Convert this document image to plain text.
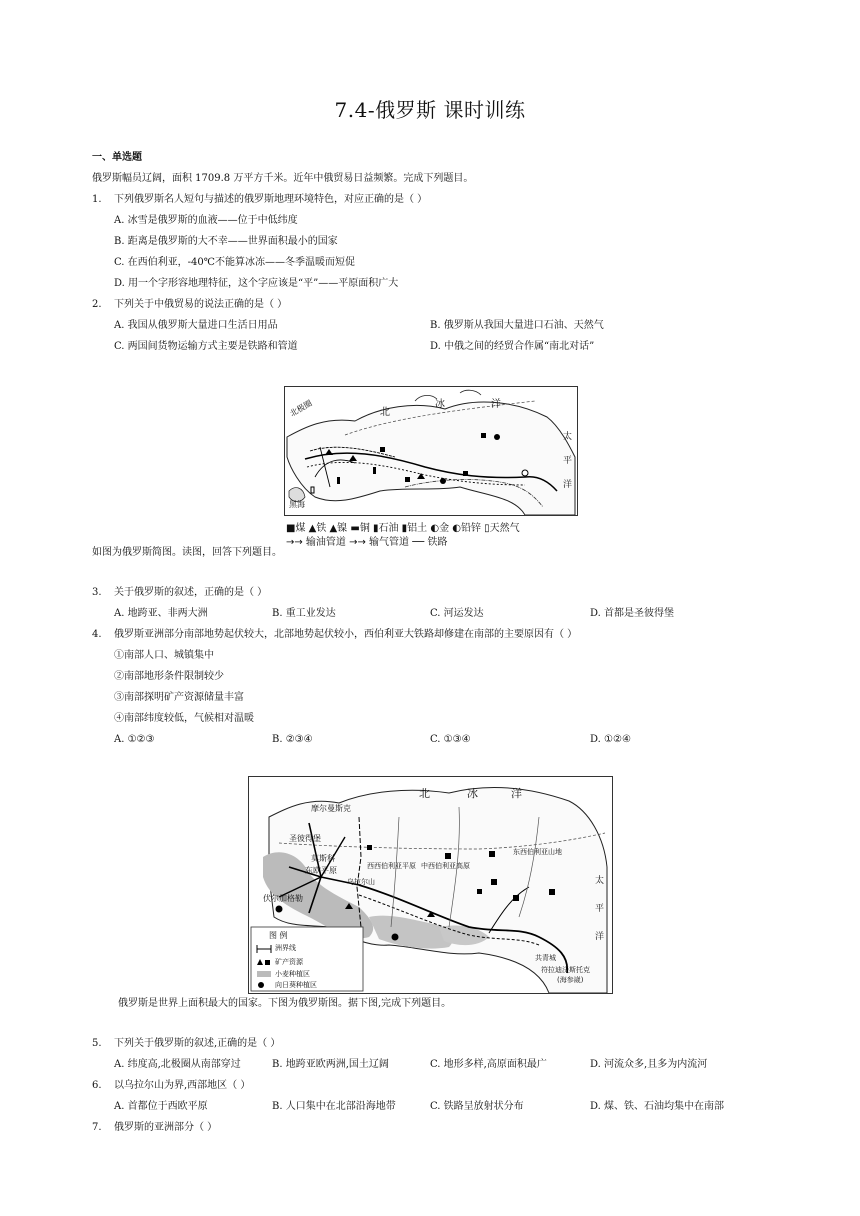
7.4-俄罗斯 课时训练
一、单选题
俄罗斯幅员辽阔，面积 1709.8 万平方千米。近年中俄贸易日益频繁。完成下列题目。
1. 下列俄罗斯名人短句与描述的俄罗斯地理环境特色，对应正确的是（ ）
A. 冰雪是俄罗斯的血液——位于中低纬度
B. 距离是俄罗斯的大不幸——世界面积最小的国家
C. 在西伯利亚，-40℃不能算冰冻——冬季温暖而短促
D. 用一个字形容地理特征，这个字应该是“平”——平原面积广大
2. 下列关于中俄贸易的说法正确的是（ ）
A. 我国从俄罗斯大量进口生活日用品	B. 俄罗斯从我国大量进口石油、天然气
C. 两国间货物运输方式主要是铁路和管道	D. 中俄之间的经贸合作属“南北对话”
北
冰	洋
北极圈
太
平
洋
黑海
■煤 ▲铁 ▲镍 ▬铜 ▮石油 ▮铝土 ◐金 ◐铅锌 ▯天然气
→→ 输油管道 →→ 输气管道 ── 铁路
如图为俄罗斯简图。读图，回答下列题目。
3. 关于俄罗斯的叙述，正确的是（ ）
A. 地跨亚、非两大洲	B. 重工业发达	C. 河运发达	D. 首都是圣彼得堡
4. 俄罗斯亚洲部分南部地势起伏较大，北部地势起伏较小，西伯利亚大铁路却修建在南部的主要原因有（ ）
①南部人口、城镇集中
②南部地形条件限制较少
③南部探明矿产资源储量丰富
④南部纬度较低，气候相对温暖
A. ①②③	B. ②③④	C. ①③④	D. ①②④
北	冰	洋
摩尔曼斯克
圣彼得堡
莫斯科
东欧平原	西西伯利亚平原 中西伯利亚高原
东西伯利亚山地
乌拉尔山
伏尔加格勒
太
平
洋
共青城
符拉迪沃斯托克
(海参崴)
图 例
洲界线
矿产资源
小麦种植区
向日葵种植区
俄罗斯是世界上面积最大的国家。下图为俄罗斯图。据下图,完成下列题目。
5. 下列关于俄罗斯的叙述,正确的是（ ）
A. 纬度高,北极圈从南部穿过	B. 地跨亚欧两洲,国土辽阔	C. 地形多样,高原面积最广	D. 河流众多,且多为内流河
6. 以乌拉尔山为界,西部地区（ ）
A. 首都位于西欧平原	B. 人口集中在北部沿海地带	C. 铁路呈放射状分布	D. 煤、铁、石油均集中在南部
7. 俄罗斯的亚洲部分（ ）
